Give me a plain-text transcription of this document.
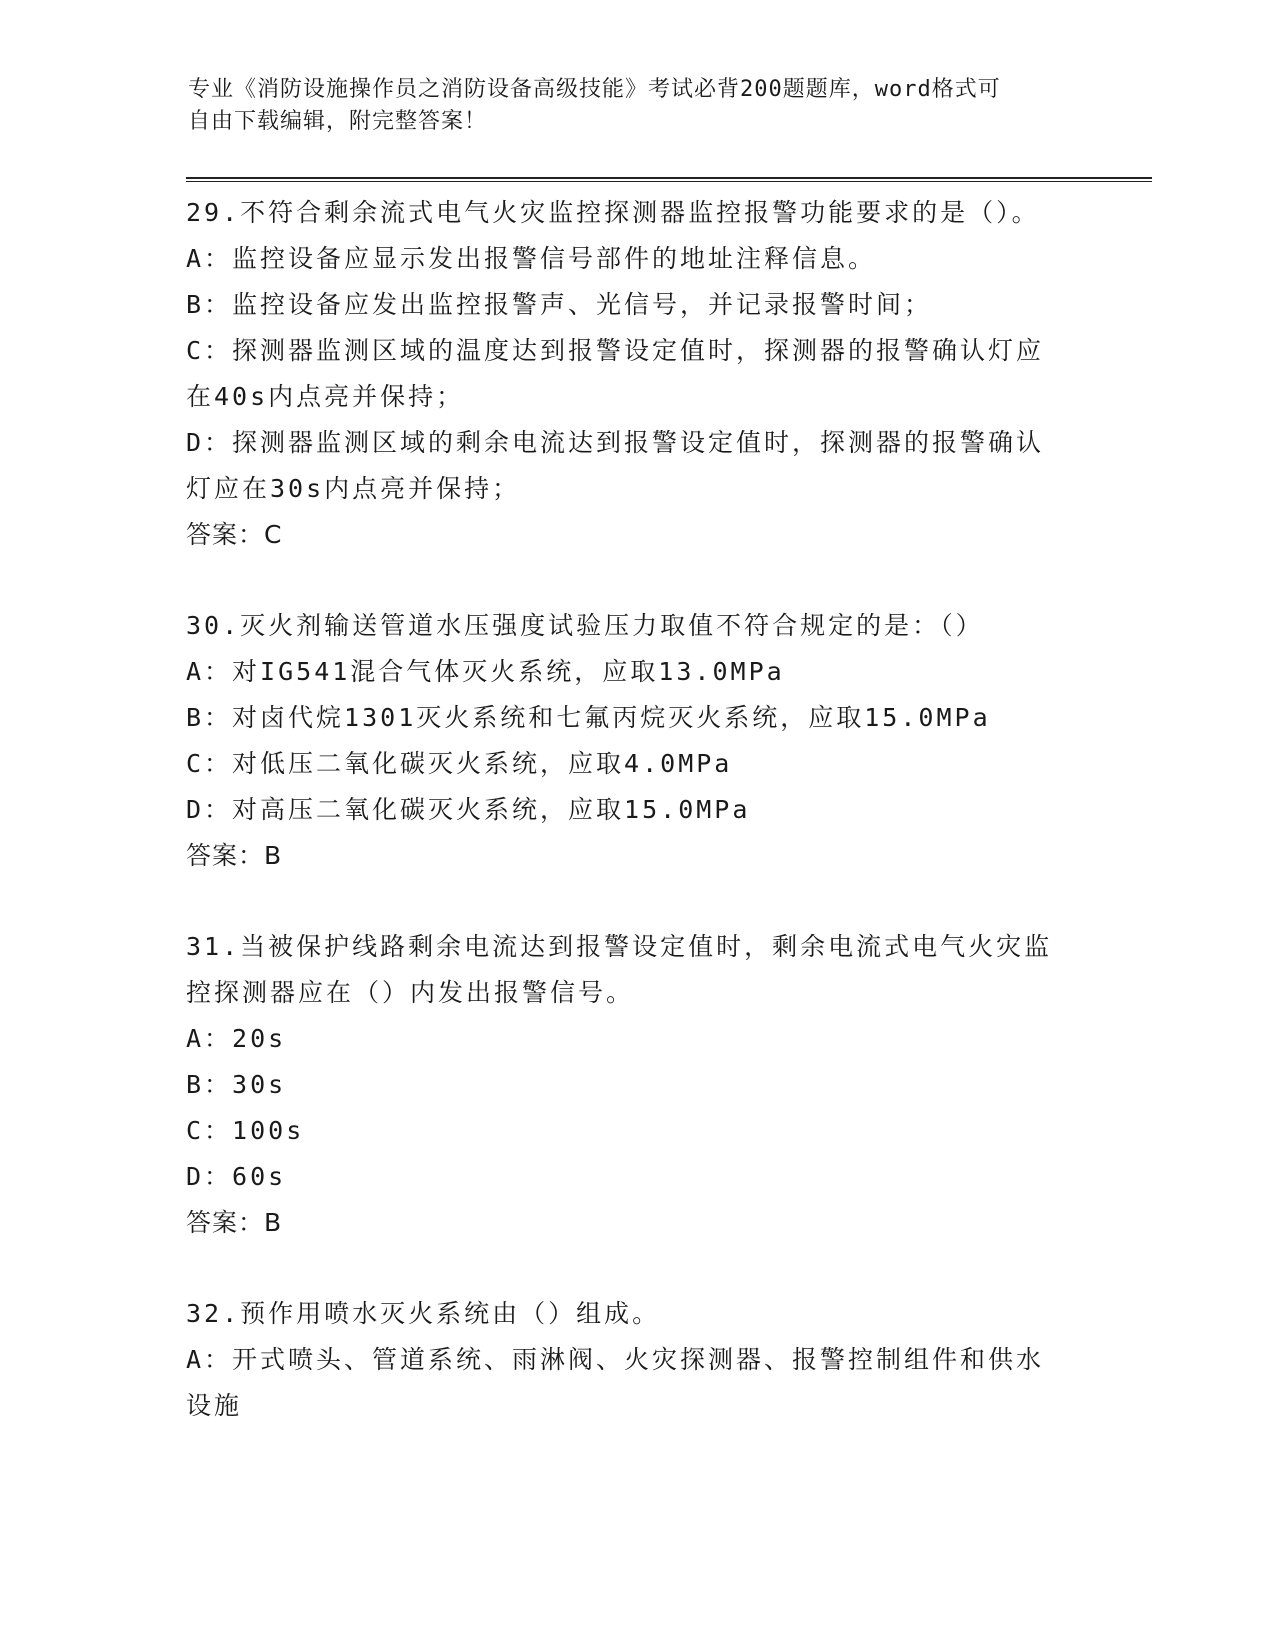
专业《消防设施操作员之消防设备高级技能》考试必背200题题库，word格式可
自由下载编辑，附完整答案！
29.不符合剩余流式电气火灾监控探测器监控报警功能要求的是（）。
A：监控设备应显示发出报警信号部件的地址注释信息。
B：监控设备应发出监控报警声、光信号，并记录报警时间；
C：探测器监测区域的温度达到报警设定值时，探测器的报警确认灯应
在40s内点亮并保持；
D：探测器监测区域的剩余电流达到报警设定值时，探测器的报警确认
灯应在30s内点亮并保持；
答案：C
30.灭火剂输送管道水压强度试验压力取值不符合规定的是：（）
A：对IG541混合气体灭火系统，应取13.0MPa
B：对卤代烷1301灭火系统和七氟丙烷灭火系统，应取15.0MPa
C：对低压二氧化碳灭火系统，应取4.0MPa
D：对高压二氧化碳灭火系统，应取15.0MPa
答案：B
31.当被保护线路剩余电流达到报警设定值时，剩余电流式电气火灾监
控探测器应在（）内发出报警信号。
A：20s
B：30s
C：100s
D：60s
答案：B
32.预作用喷水灭火系统由（）组成。
A：开式喷头、管道系统、雨淋阀、火灾探测器、报警控制组件和供水
设施
